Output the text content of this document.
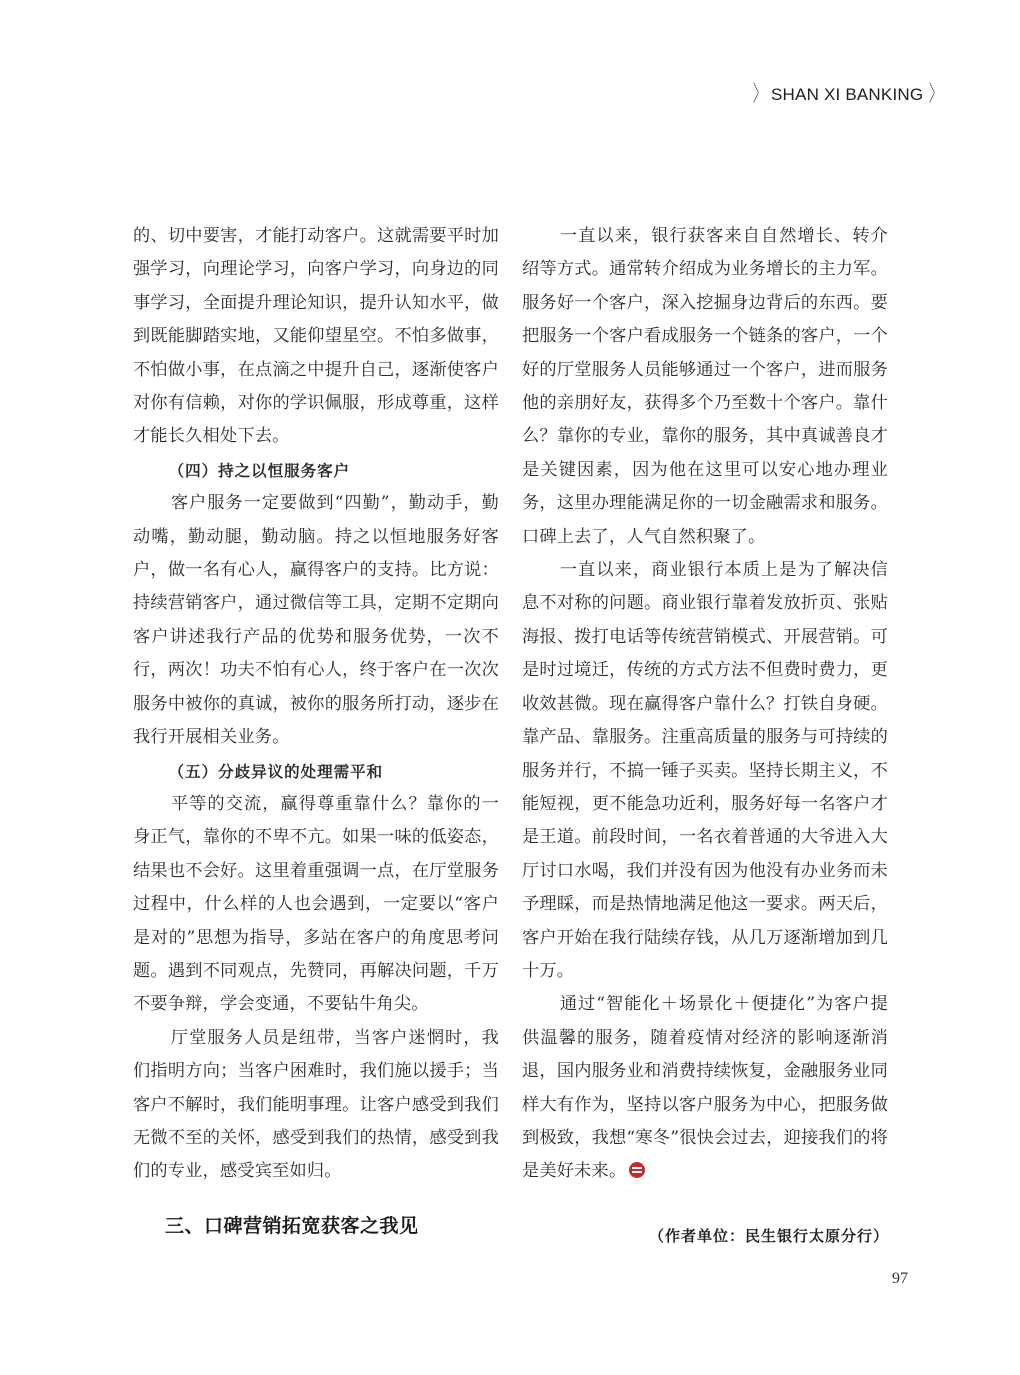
〉 SHAN XI BANKING 〉

的、切中要害，才能打动客户。这就需要平时加强学习，向理论学习，向客户学习，向身边的同事学习，全面提升理论知识，提升认知水平，做到既能脚踏实地，又能仰望星空。不怕多做事，不怕做小事，在点滴之中提升自己，逐渐使客户对你有信赖，对你的学识佩服，形成尊重，这样才能长久相处下去。

（四）持之以恒服务客户

客户服务一定要做到“四勤”，勤动手，勤动嘴，勤动腿，勤动脑。持之以恒地服务好客户，做一名有心人，赢得客户的支持。比方说：持续营销客户，通过微信等工具，定期不定期向客户讲述我行产品的优势和服务优势，一次不行，两次！功夫不怕有心人，终于客户在一次次服务中被你的真诚，被你的服务所打动，逐步在我行开展相关业务。

（五）分歧异议的处理需平和

平等的交流，赢得尊重靠什么？靠你的一身正气，靠你的不卑不亢。如果一味的低姿态，结果也不会好。这里着重强调一点，在厅堂服务过程中，什么样的人也会遇到，一定要以“客户是对的”思想为指导，多站在客户的角度思考问题。遇到不同观点，先赞同，再解决问题，千万不要争辩，学会变通，不要钻牛角尖。

厅堂服务人员是纽带，当客户迷惘时，我们指明方向；当客户困难时，我们施以援手；当客户不解时，我们能明事理。让客户感受到我们无微不至的关怀，感受到我们的热情，感受到我们的专业，感受宾至如归。

一直以来，银行获客来自自然增长、转介绍等方式。通常转介绍成为业务增长的主力军。服务好一个客户，深入挖掘身边背后的东西。要把服务一个客户看成服务一个链条的客户，一个好的厅堂服务人员能够通过一个客户，进而服务他的亲朋好友，获得多个乃至数十个客户。靠什么？靠你的专业，靠你的服务，其中真诚善良才是关键因素，因为他在这里可以安心地办理业务，这里办理能满足你的一切金融需求和服务。口碑上去了，人气自然积聚了。

一直以来，商业银行本质上是为了解决信息不对称的问题。商业银行靠着发放折页、张贴海报、拨打电话等传统营销模式、开展营销。可是时过境迁，传统的方式方法不但费时费力，更收效甚微。现在赢得客户靠什么？打铁自身硬。靠产品、靠服务。注重高质量的服务与可持续的服务并行，不搞一锤子买卖。坚持长期主义，不能短视，更不能急功近利，服务好每一名客户才是王道。前段时间，一名衣着普通的大爷进入大厅讨口水喝，我们并没有因为他没有办业务而未予理睬，而是热情地满足他这一要求。两天后，客户开始在我行陆续存钱，从几万逐渐增加到几十万。

通过“智能化＋场景化＋便捷化”为客户提供温馨的服务，随着疫情对经济的影响逐渐消退，国内服务业和消费持续恢复，金融服务业同样大有作为，坚持以客户服务为中心，把服务做到极致，我想“寒冬”很快会过去，迎接我们的将是美好未来。

三、口碑营销拓宽获客之我见	（作者单位：民生银行太原分行）
97
